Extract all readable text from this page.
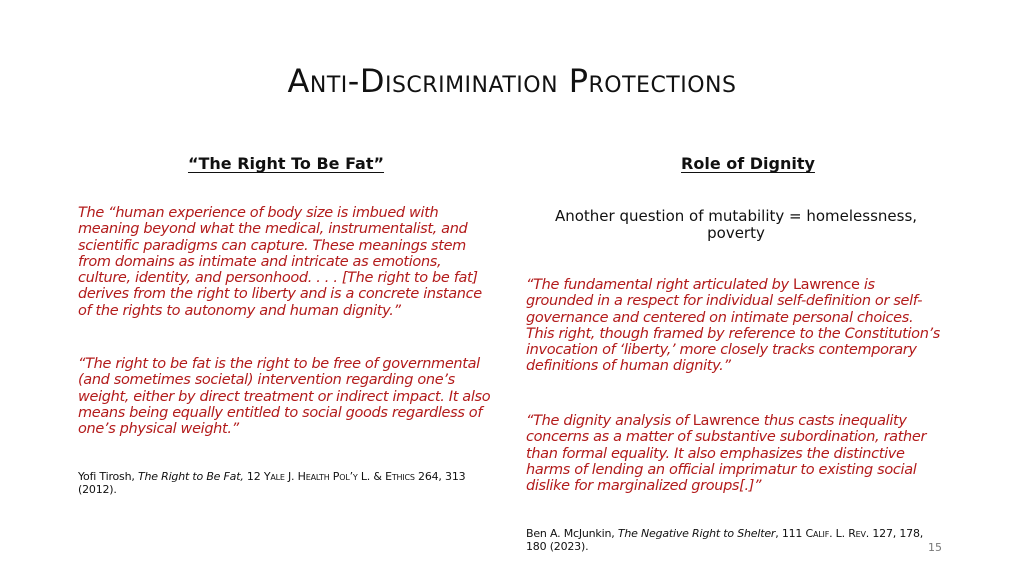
Anti-Discrimination Protections
“The Right To Be Fat”	Role of Dignity

The “human experience of body size is imbued with meaning beyond what the medical, instrumentalist, and scientific paradigms can capture. These meanings stem from domains as intimate and intricate as emotions, culture, identity, and personhood. . . . [The right to be fat] derives from the right to liberty and is a concrete instance of the rights to autonomy and human dignity.”

“The right to be fat is the right to be free of governmental (and sometimes societal) intervention regarding one’s weight, either by direct treatment or indirect impact. It also means being equally entitled to social goods regardless of one’s physical weight.”

Yofi Tirosh, The Right to Be Fat, 12 Yale J. Health Pol’y L. & Ethics 264, 313 (2012).
Another question of mutability = homelessness, poverty

“The fundamental right articulated by Lawrence is grounded in a respect for individual self-definition or self-governance and centered on intimate personal choices. This right, though framed by reference to the Constitution’s invocation of ‘liberty,’ more closely tracks contemporary definitions of human dignity.”

“The dignity analysis of Lawrence thus casts inequality concerns as a matter of substantive subordination, rather than formal equality. It also emphasizes the distinctive harms of lending an official imprimatur to existing social dislike for marginalized groups[.]”

Ben A. McJunkin, The Negative Right to Shelter, 111 Calif. L. Rev. 127, 178, 180 (2023).	15
